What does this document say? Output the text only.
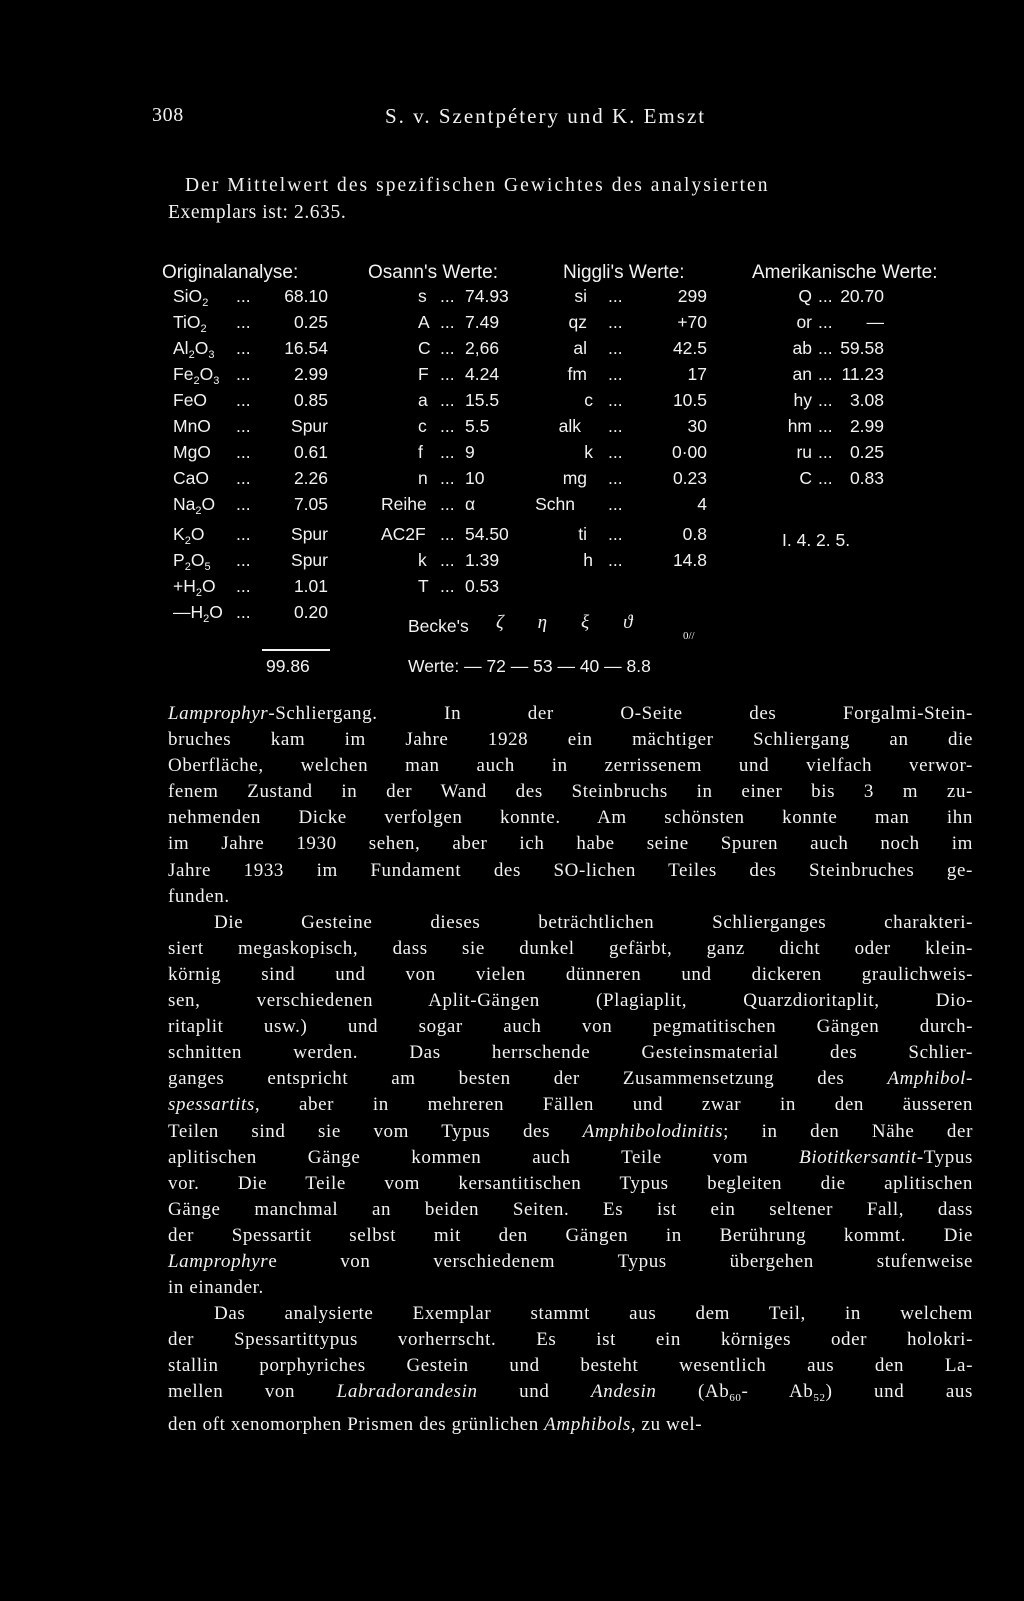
308	S. v. Szentpétery und K. Emszt
Der Mittelwert des spezifischen Gewichtes des analysierten
Exemplars ist: 2.635.
Originalanalyse:	Osann's Werte:	Niggli's Werte:	Amerikanische Werte:
SiO$_2$ ...	68.10
TiO$_2$ ...	0.25
$Al_2O_3$ ...	16.54
$Fe_2O_3$ ...	2.99
FeO ...	0.85
MnO ...	Spur
MgO ...	0.61
CaO ...	2.26
$Na_2O$ ...	7.05
$K_2O$ ...	Spur
$P_2O_5$ ...	Spur
$+H_2O$ ...	1.01
$—H_2O$ ...	0.20
s ... 74.93
A ... 7.49
C ... 2,66
F ... 4.24
a ... 15.5
c ... 5.5
f ... 9
n ... 10
Reihe ... α
AC2F ... 54.50
k ... 1.39
T ... 0.53
si ...	299
qz ...	+70
al ...	42.5
fm ...	17
c ...	10.5
alk ...	30
k ...	0·00
mg ...	0.23
Schn ...	4
ti ...	0.8
h ...	14.8
Q ... 20.70
or ...	—
ab ... 59.58
an ... 11.23
hy ... 3.08
hm ... 2.99
ru ... 0.25
C ... 0.83
99.86
Becke's ζ η ξ ϑ
0//
Werte: — 72 — 53 — 40 — 8.8
I. 4. 2. 5.
Lamprophyr-Schliergang. In der O-Seite des Forgalmi-Stein-
bruches kam im Jahre 1928 ein mächtiger Schliergang an die
Oberfläche, welchen man auch in zerrissenem und vielfach verwor-
fenem Zustand in der Wand des Steinbruchs in einer bis 3 m zu-
nehmenden Dicke verfolgen konnte. Am schönsten konnte man ihn
im Jahre 1930 sehen, aber ich habe seine Spuren auch noch im
Jahre 1933 im Fundament des SO-lichen Teiles des Steinbruches ge-
funden.
Die Gesteine dieses beträchtlichen Schlierganges charakteri-
siert megaskopisch, dass sie dunkel gefärbt, ganz dicht oder klein-
körnig sind und von vielen dünneren und dickeren graulichweis-
sen, verschiedenen Aplit-Gängen (Plagiaplit, Quarzdioritaplit, Dio-
ritaplit usw.) und sogar auch von pegmatitischen Gängen durch-
schnitten werden. Das herrschende Gesteinsmaterial des Schlier-
ganges entspricht am besten der Zusammensetzung des Amphibol-
spessartits, aber in mehreren Fällen und zwar in den äusseren
Teilen sind sie vom Typus des Amphibolodinitis; in den Nähe der
aplitischen Gänge kommen auch Teile vom Biotitkersantit-Typus
vor. Die Teile vom kersantitischen Typus begleiten die aplitischen
Gänge manchmal an beiden Seiten. Es ist ein seltener Fall, dass
der Spessartit selbst mit den Gängen in Berührung kommt. Die
Lamprophyre von verschiedenem Typus übergehen stufenweise
in einander.
Das analysierte Exemplar stammt aus dem Teil, in welchem
der Spessartittypus vorherrscht. Es ist ein körniges oder holokri-
stallin porphyriches Gestein und besteht wesentlich aus den La-
mellen von Labradorandesin und Andesin ($Ab_{60}-$ $Ab_{52}$) und aus
den oft xenomorphen Prismen des grünlichen Amphibols, zu wel-
